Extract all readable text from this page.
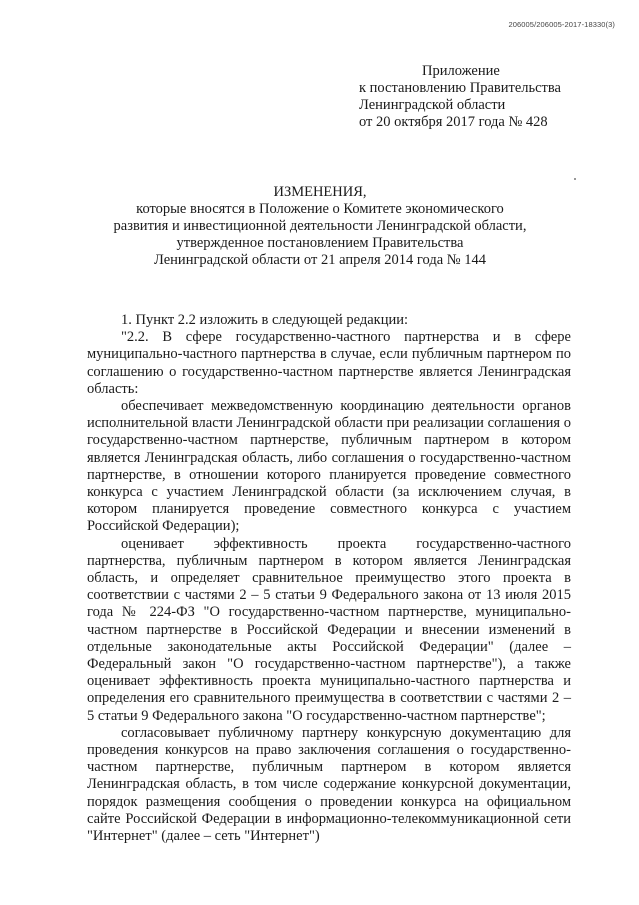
206005/206005-2017-18330(3)
Приложение
к постановлению Правительства
Ленинградской области
от 20 октября 2017 года № 428
ИЗМЕНЕНИЯ,
которые вносятся в Положение о Комитете экономического
развития и инвестиционной деятельности Ленинградской области,
утвержденное постановлением Правительства
Ленинградской области от 21 апреля 2014 года № 144

1. Пункт 2.2 изложить в следующей редакции:

"2.2. В сфере государственно-частного партнерства и в сфере муниципально-частного партнерства в случае, если публичным партнером по соглашению о государственно-частном партнерстве является Ленинградская область:

обеспечивает межведомственную координацию деятельности органов исполнительной власти Ленинградской области при реализации соглашения о государственно-частном партнерстве, публичным партнером в котором является Ленинградская область, либо соглашения о государственно-частном партнерстве, в отношении которого планируется проведение совместного конкурса с участием Ленинградской области (за исключением случая, в котором планируется проведение совместного конкурса с участием Российской Федерации);

оценивает эффективность проекта государственно-частного партнерства, публичным партнером в котором является Ленинградская область, и определяет сравнительное преимущество этого проекта в соответствии с частями 2 – 5 статьи 9 Федерального закона от 13 июля 2015 года № 224-ФЗ "О государственно-частном партнерстве, муниципально-частном партнерстве в Российской Федерации и внесении изменений в отдельные законодательные акты Российской Федерации" (далее – Федеральный закон "О государственно-частном партнерстве"), а также оценивает эффективность проекта муниципально-частного партнерства и определения его сравнительного преимущества в соответствии с частями 2 – 5 статьи 9 Федерального закона "О государственно-частном партнерстве";

согласовывает публичному партнеру конкурсную документацию для проведения конкурсов на право заключения соглашения о государственно-частном партнерстве, публичным партнером в котором является Ленинградская область, в том числе содержание конкурсной документации, порядок размещения сообщения о проведении конкурса на официальном сайте Российской Федерации в информационно-телекоммуникационной сети "Интернет" (далее – сеть "Интернет")
